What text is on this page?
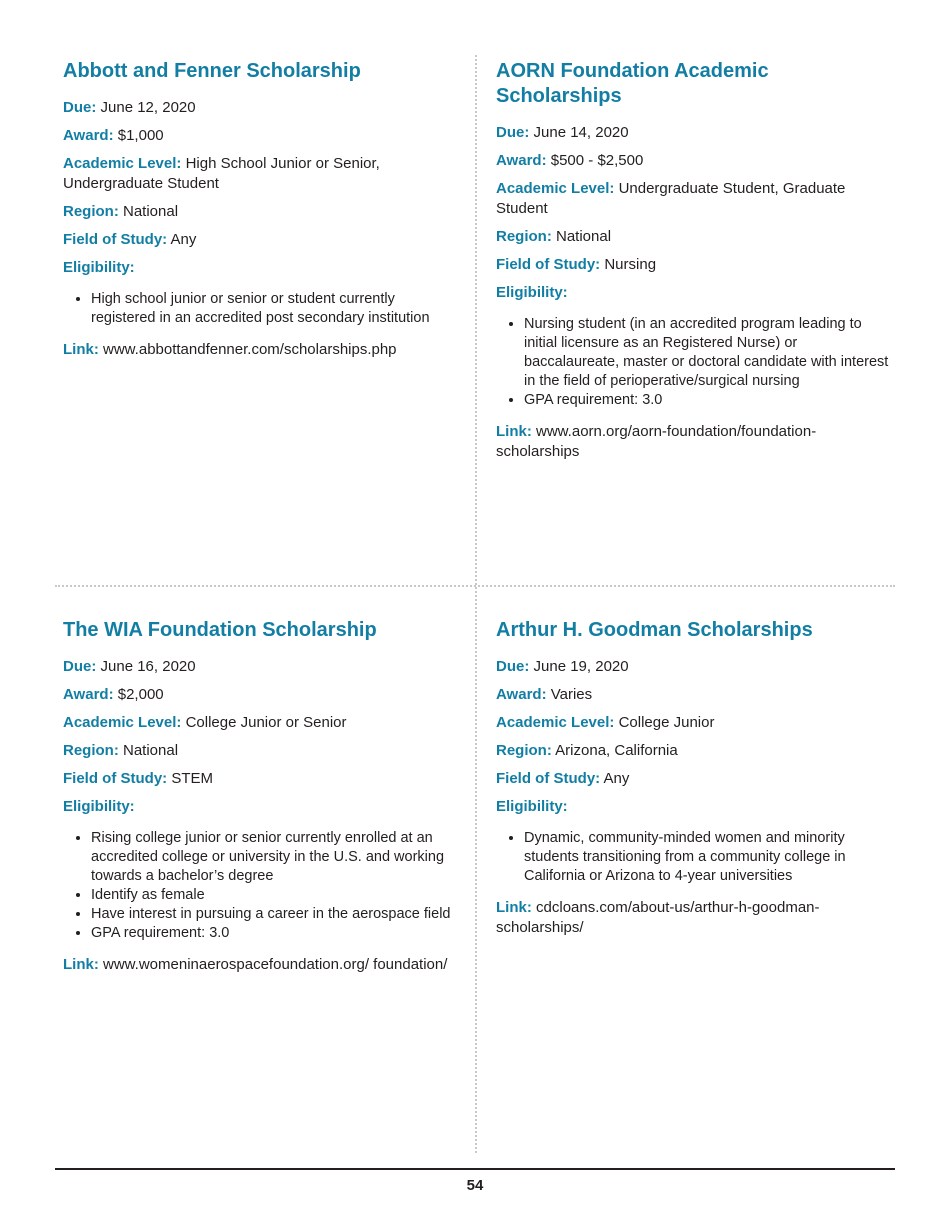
Abbott and Fenner Scholarship
Due: June 12, 2020
Award: $1,000
Academic Level: High School Junior or Senior, Undergraduate Student
Region: National
Field of Study: Any
Eligibility:
• High school junior or senior or student currently registered in an accredited post secondary institution
Link: www.abbottandfenner.com/scholarships.php
AORN Foundation Academic Scholarships
Due: June 14, 2020
Award: $500 - $2,500
Academic Level: Undergraduate Student, Graduate Student
Region: National
Field of Study: Nursing
Eligibility:
• Nursing student (in an accredited program leading to initial licensure as an Registered Nurse) or baccalaureate, master or doctoral candidate with interest in the field of perioperative/surgical nursing
• GPA requirement: 3.0
Link: www.aorn.org/aorn-foundation/foundation-scholarships
The WIA Foundation Scholarship
Due: June 16, 2020
Award: $2,000
Academic Level: College Junior or Senior
Region: National
Field of Study: STEM
Eligibility:
• Rising college junior or senior currently enrolled at an accredited college or university in the U.S. and working towards a bachelor’s degree
• Identify as female
• Have interest in pursuing a career in the aerospace field
• GPA requirement: 3.0
Link: www.womeninaerospacefoundation.org/ foundation/
Arthur H. Goodman Scholarships
Due: June 19, 2020
Award: Varies
Academic Level: College Junior
Region: Arizona, California
Field of Study: Any
Eligibility:
• Dynamic, community-minded women and minority students transitioning from a community college in California or Arizona to 4-year universities
Link: cdcloans.com/about-us/arthur-h-goodman-scholarships/
54
